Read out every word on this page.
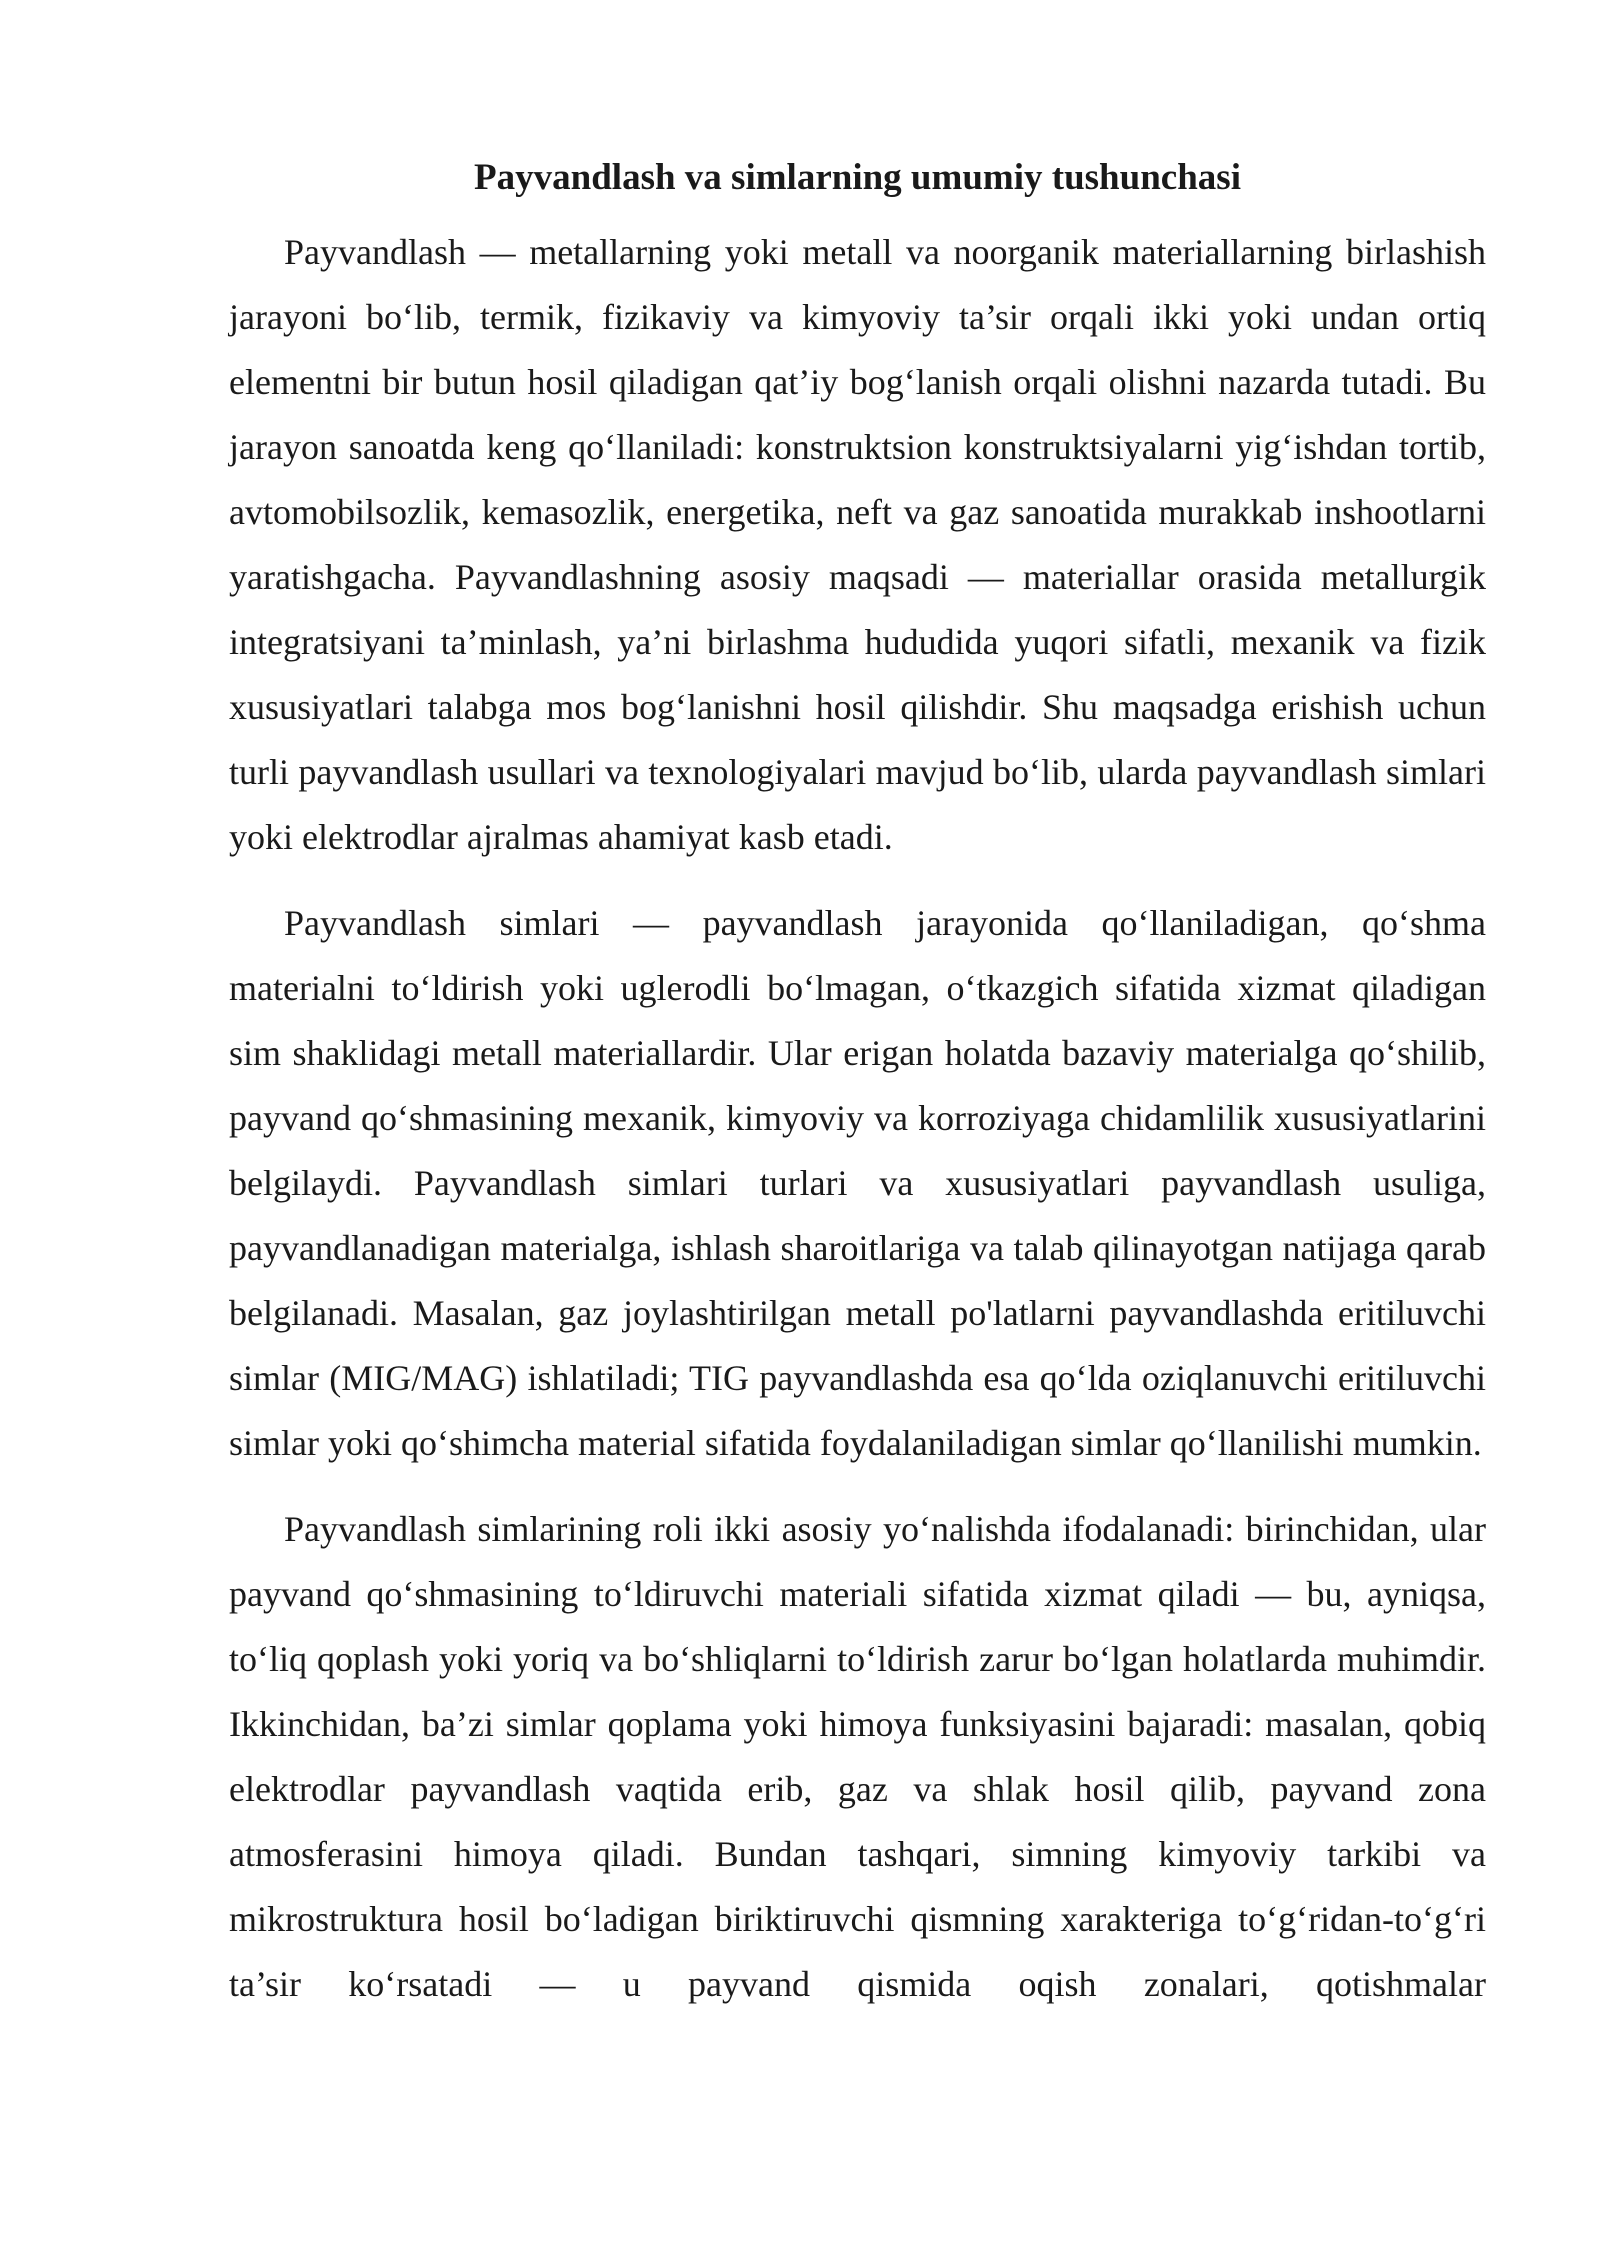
Payvandlash va simlarning umumiy tushunchasi

Payvandlash — metallarning yoki metall va noorganik materiallarning birlashish jarayoni bo‘lib, termik, fizikaviy va kimyoviy ta’sir orqali ikki yoki undan ortiq elementni bir butun hosil qiladigan qat’iy bog‘lanish orqali olishni nazarda tutadi. Bu jarayon sanoatda keng qo‘llaniladi: konstruktsion konstruktsiyalarni yig‘ishdan tortib, avtomobilsozlik, kemasozlik, energetika, neft va gaz sanoatida murakkab inshootlarni yaratishgacha. Payvandlashning asosiy maqsadi — materiallar orasida metallurgik integratsiyani ta’minlash, ya’ni birlashma hududida yuqori sifatli, mexanik va fizik xususiyatlari talabga mos bog‘lanishni hosil qilishdir. Shu maqsadga erishish uchun turli payvandlash usullari va texnologiyalari mavjud bo‘lib, ularda payvandlash simlari yoki elektrodlar ajralmas ahamiyat kasb etadi.

Payvandlash simlari — payvandlash jarayonida qo‘llaniladigan, qo‘shma materialni to‘ldirish yoki uglerodli bo‘lmagan, o‘tkazgich sifatida xizmat qiladigan sim shaklidagi metall materiallardir. Ular erigan holatda bazaviy materialga qo‘shilib, payvand qo‘shmasining mexanik, kimyoviy va korroziyaga chidamlilik xususiyatlarini belgilaydi. Payvandlash simlari turlari va xususiyatlari payvandlash usuliga, payvandlanadigan materialga, ishlash sharoitlariga va talab qilinayotgan natijaga qarab belgilanadi. Masalan, gaz joylashtirilgan metall po'latlarni payvandlashda eritiluvchi simlar (MIG/MAG) ishlatiladi; TIG payvandlashda esa qo‘lda oziqlanuvchi eritiluvchi simlar yoki qo‘shimcha material sifatida foydalaniladigan simlar qo‘llanilishi mumkin.

Payvandlash simlarining roli ikki asosiy yo‘nalishda ifodalanadi: birinchidan, ular payvand qo‘shmasining to‘ldiruvchi materiali sifatida xizmat qiladi — bu, ayniqsa, to‘liq qoplash yoki yoriq va bo‘shliqlarni to‘ldirish zarur bo‘lgan holatlarda muhimdir. Ikkinchidan, ba’zi simlar qoplama yoki himoya funksiyasini bajaradi: masalan, qobiq elektrodlar payvandlash vaqtida erib, gaz va shlak hosil qilib, payvand zona atmosferasini himoya qiladi. Bundan tashqari, simning kimyoviy tarkibi va mikrostruktura hosil bo‘ladigan biriktiruvchi qismning xarakteriga to‘g‘ridan-to‘g‘ri ta’sir ko‘rsatadi — u payvand qismida oqish zonalari, qotishmalar
